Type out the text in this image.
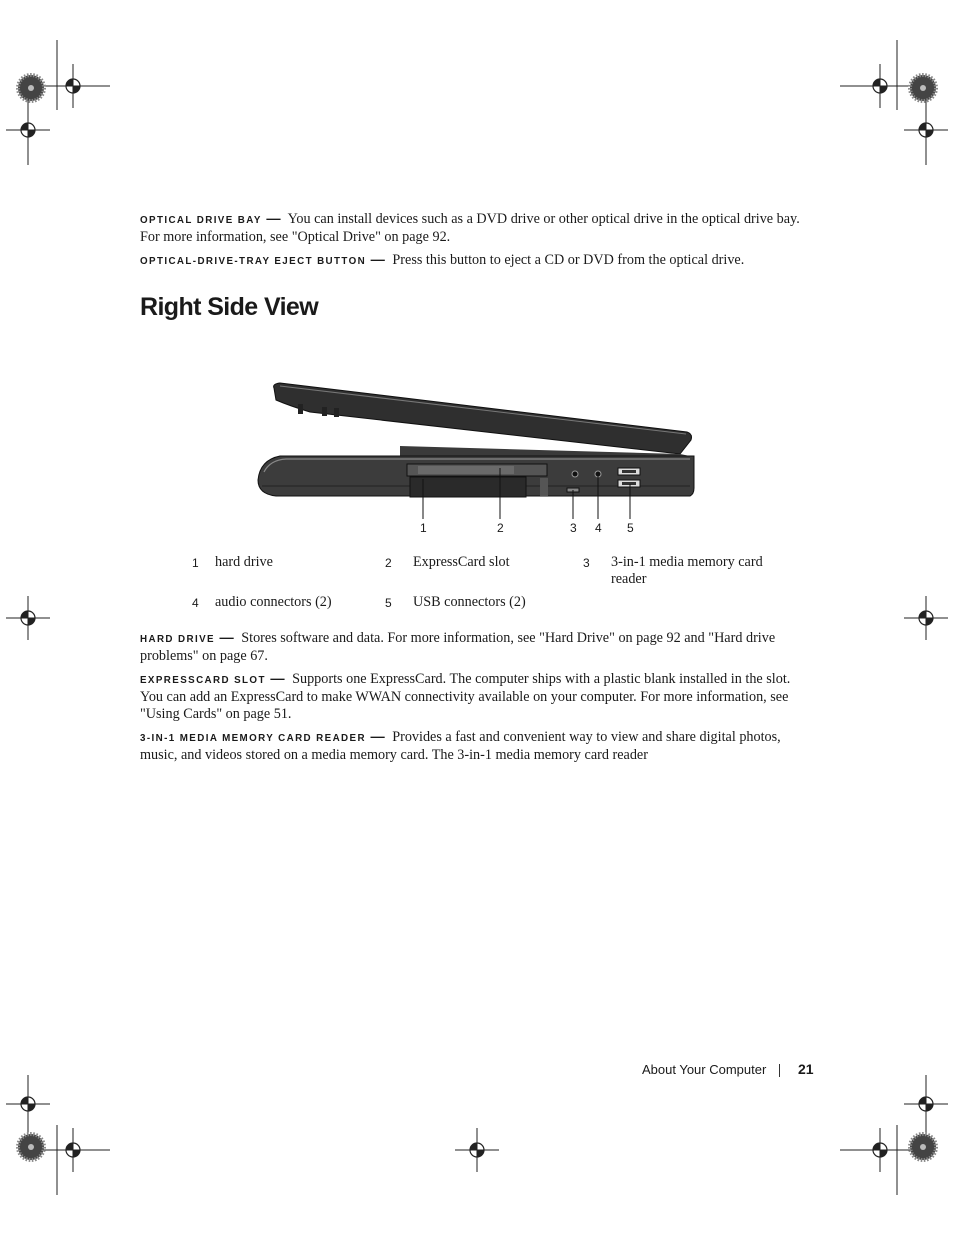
OPTICAL DRIVE BAY — You can install devices such as a DVD drive or other optical drive in the optical drive bay. For more information, see "Optical Drive" on page 92.

OPTICAL-DRIVE-TRAY EJECT BUTTON — Press this button to eject a CD or DVD from the optical drive.

Right Side View
1	2	3 4 5
1 hard drive	2 ExpressCard slot	3 3-in-1 media memory card reader
4 audio connectors (2)	5 USB connectors (2)

HARD DRIVE — Stores software and data. For more information, see "Hard Drive" on page 92 and "Hard drive problems" on page 67.

EXPRESSCARD SLOT — Supports one ExpressCard. The computer ships with a plastic blank installed in the slot. You can add an ExpressCard to make WWAN connectivity available on your computer. For more information, see "Using Cards" on page 51.

3-IN-1 MEDIA MEMORY CARD READER — Provides a fast and convenient way to view and share digital photos, music, and videos stored on a media memory card. The 3-in-1 media memory card reader

About Your Computer 21
